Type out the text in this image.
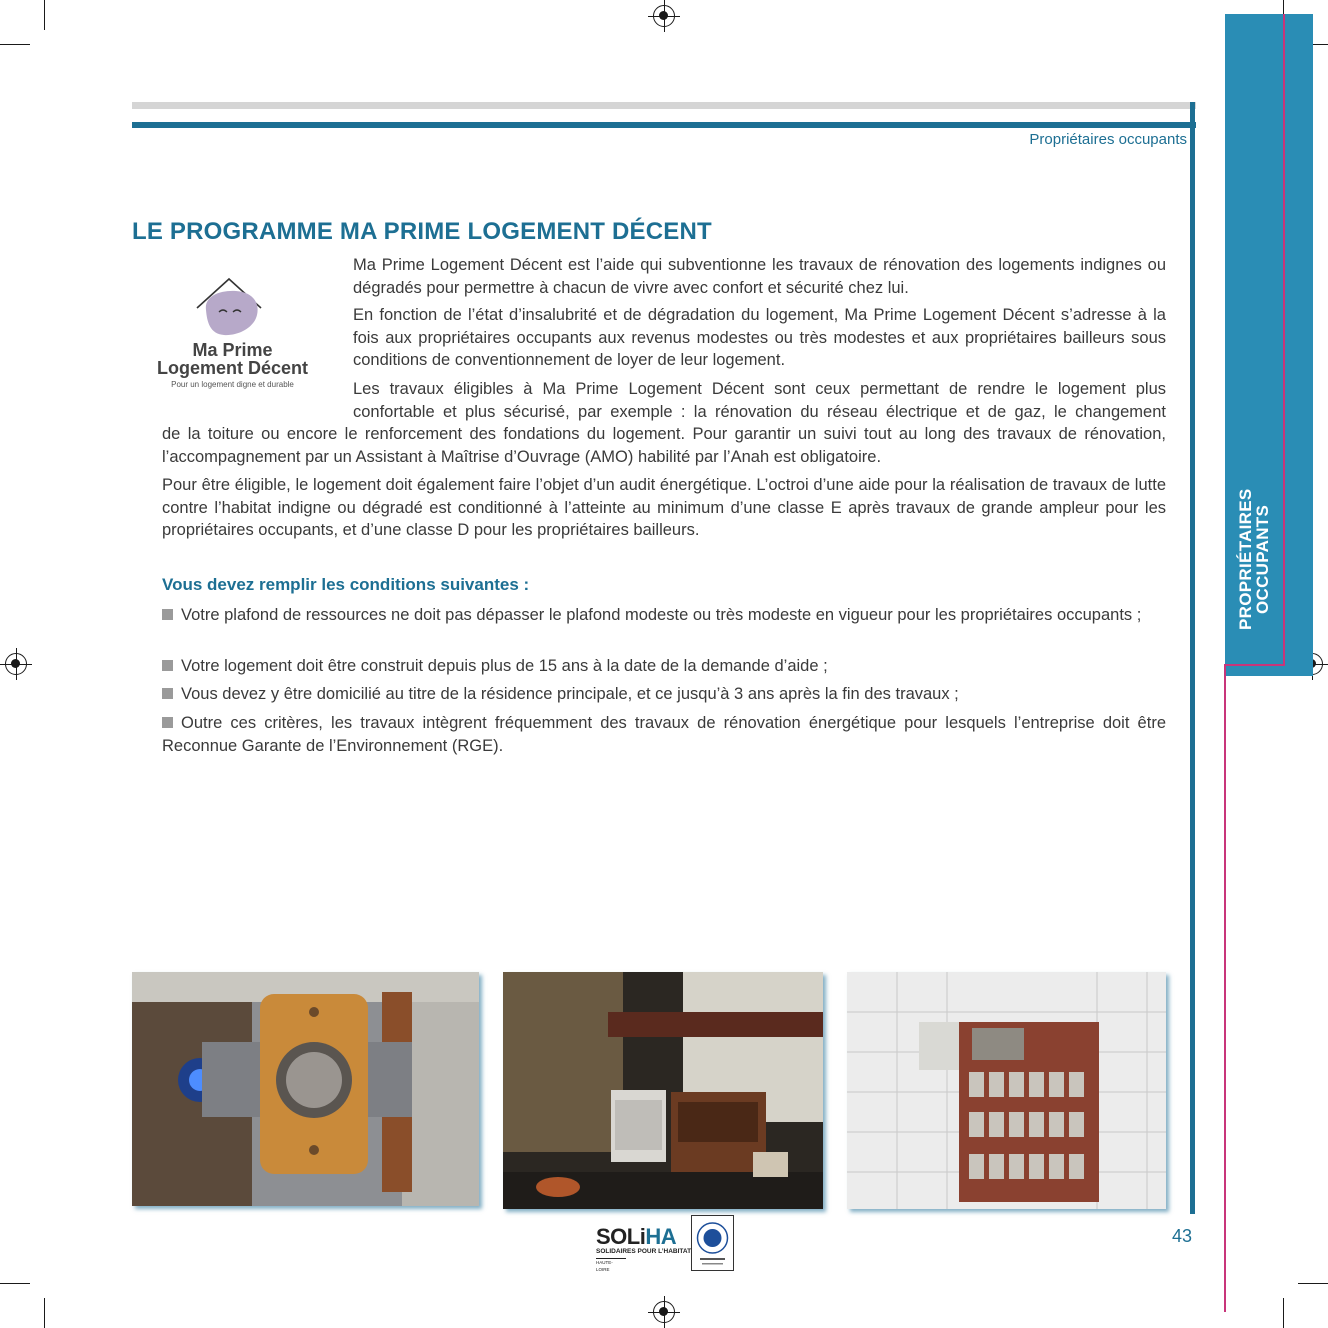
PROPRIÉTAIRES
OCCUPANTS
Propriétaires occupants
LE PROGRAMME MA PRIME LOGEMENT DÉCENT
Ma Prime
Logement Décent
Pour un logement digne et durable

Ma Prime Logement Décent est l’aide qui subventionne les travaux de rénovation des logements indignes ou dégradés pour permettre à chacun de vivre avec confort et sécurité chez lui.

En fonction de l’état d’insalubrité et de dégradation du logement, Ma Prime Logement Décent s’adresse à la fois aux propriétaires occupants aux revenus modestes ou très modestes et aux propriétaires bailleurs sous conditions de conventionnement de loyer de leur logement.

Les travaux éligibles à Ma Prime Logement Décent sont ceux permettant de rendre le logement plus confortable et plus sécurisé, par exemple : la rénovation du réseau électrique et de gaz, le changement

de la toiture ou encore le renforcement des fondations du logement. Pour garantir un suivi tout au long des travaux de rénovation, l’accompagnement par un Assistant à Maîtrise d’Ouvrage (AMO) habilité par l’Anah est obligatoire.

Pour être éligible, le logement doit également faire l’objet d’un audit énergétique. L’octroi d’une aide pour la réalisation de travaux de lutte contre l’habitat indigne ou dégradé est conditionné à l’atteinte au minimum d’une classe E après travaux de grande ampleur pour les propriétaires occupants, et d’une classe D pour les propriétaires bailleurs.

Vous devez remplir les conditions suivantes :

Votre plafond de ressources ne doit pas dépasser le plafond modeste ou très modeste en vigueur pour les propriétaires occupants ;

Votre logement doit être construit depuis plus de 15 ans à la date de la demande d’aide ;

Vous devez y être domicilié au titre de la résidence principale, et ce jusqu’à 3 ans après la fin des travaux ;

Outre ces critères, les travaux intègrent fréquemment des travaux de rénovation énergétique pour lesquels l’entreprise doit être Reconnue Garante de l’Environnement (RGE).

SOLiHA
SOLIDAIRES POUR L’HABITAT
HAUTE-LOIRE
43
